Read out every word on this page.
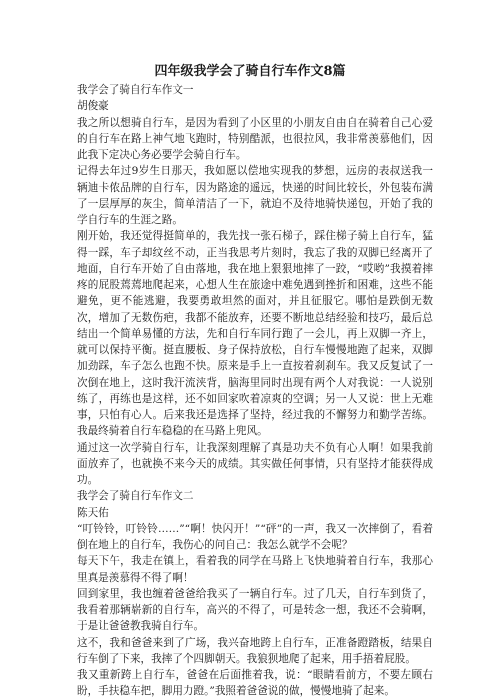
四年级我学会了骑自行车作文8篇

我学会了骑自行车作文一

胡俊豪

我之所以想骑自行车，是因为看到了小区里的小朋友自由自在骑着自己心爱的自行车在路上神气地飞跑时，特别酷派，也很拉风，我非常羡慕他们，因此我下定决心务必要学会骑自行车。

记得去年过9岁生日那天，我如愿以偿地实现我的梦想，远房的表叔送我一辆迪卡侬品牌的自行车，因为路途的遥远，快递的时间比较长，外包装布满了一层厚厚的灰尘，简单清洁了一下，就迫不及待地骑快递包，开始了我的学自行车的生涯之路。

刚开始，我还觉得挺简单的，我先找一张石梯子，踩住梯子骑上自行车，猛得一踩，车子却纹丝不动，正当我思考片刻时，我忘了我的双脚已经离开了地面，自行车开始了自由落地，我在地上狠狠地摔了一跤，“哎哟”我摸着摔疼的屁股蔫蔫地爬起来，心想人生在旅途中难免遇到挫折和困难，这些不能避免，更不能逃避，我要勇敢坦然的面对，并且征服它。哪怕是跌倒无数次，增加了无数伤疤，我都不能放弃，还要不断地总结经验和技巧，最后总结出一个简单易懂的方法，先和自行车同行跑了一会儿，再上双脚一齐上，就可以保持平衡。挺直腰板、身子保持放松，自行车慢慢地跑了起来，双脚加劲踩，车子怎么也跑不快。原来是手上一直按着刹刹车。我又反复试了一次倒在地上，这时我汗流浃背，脑海里同时出现有两个人对我说：一人说别练了，再练也是这样，还不如回家吹着凉爽的空调；另一人又说：世上无难事，只怕有心人。后来我还是选择了坚持，经过我的不懈努力和勤学苦练。我最终骑着自行车稳稳的在马路上兜风。

通过这一次学骑自行车，让我深刻理解了真是功夫不负有心人啊！如果我前面放弃了，也就换不来今天的成绩。其实做任何事情，只有坚持才能获得成功。

我学会了骑自行车作文二

陈天佑

“叮铃铃，叮铃铃……”“啊！快闪开！”“砰”的一声，我又一次摔倒了，看着倒在地上的自行车，我伤心的问自己：我怎么就学不会呢？

每天下午，我走在镇上，看着我的同学在马路上飞快地骑着自行车，我那心里真是羡慕得不得了啊！

回到家里，我也缠着爸爸给我买了一辆自行车。过了几天，自行车到货了，我看着那辆崭新的自行车，高兴的不得了，可是转念一想，我还不会骑啊，于是让爸爸教我骑自行车。

这不，我和爸爸来到了广场，我兴奋地跨上自行车，正准备蹬踏板，结果自行车倒了下来，我摔了个四脚朝天。我狼狈地爬了起来，用手捂着屁股。

我又重新跨上自行车，爸爸在后面推着我，说：“眼睛看前方，不要左顾右盼，手扶稳车把，脚用力蹬。”我照着爸爸说的做，慢慢地骑了起来。
